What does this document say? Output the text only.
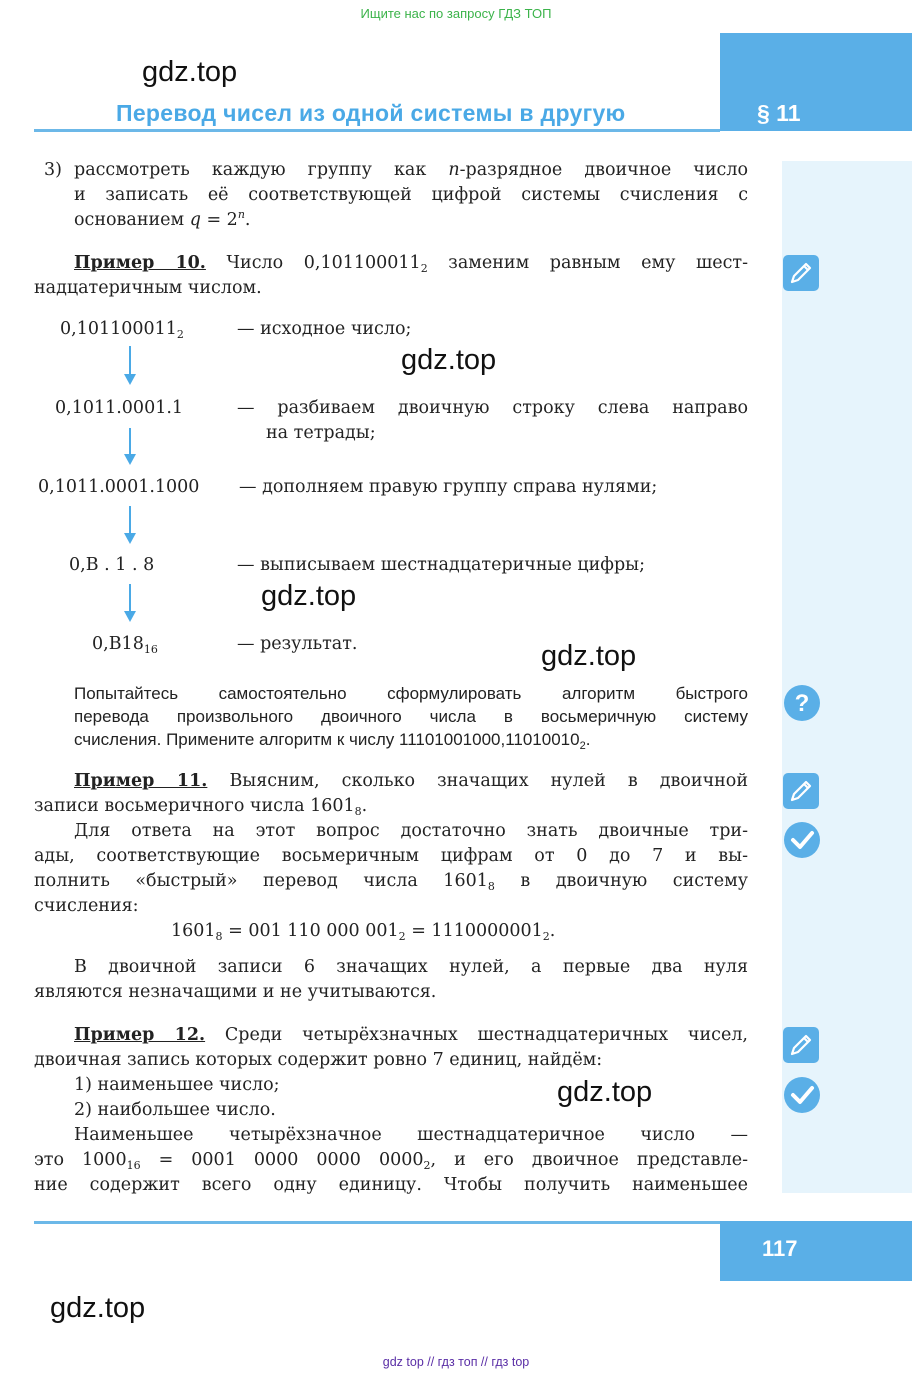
Ищите нас по запросу ГДЗ ТОП
gdz.top
Перевод чисел из одной системы в другую	§ 11
3) рассмотреть каждую группу как n-разрядное двоичное число
и записать её соответствующей цифрой системы счисления с
основанием $q = 2^n$.
Пример 10. Число $0,101100011_2$ заменим равным ему шест-
надцатеричным числом.
$0,101100011_2$	— исходное число;
gdz.top
0,1011.0001.1	— разбиваем двоичную строку слева направо
на тетрады;
0,1011.0001.1000 — дополняем правую группу справа нулями;
0,B . 1 . 8	— выписываем шестнадцатеричные цифры;
gdz.top
$0,B18_{16}$	— результат.	gdz.top
Попытайтесь самостоятельно сформулировать алгоритм быстрого
перевода произвольного двоичного числа в восьмеричную систему
счисления. Примените алгоритм к числу $11101001000,11010010_2$.
?
Пример 11. Выясним, сколько значащих нулей в двоичной
записи восьмеричного числа $1601_8$.
Для ответа на этот вопрос достаточно знать двоичные три-
ады, соответствующие восьмеричным цифрам от 0 до 7 и вы-
полнить «быстрый» перевод числа $1601_8$ в двоичную систему
счисления:
$1601_8 = 001$ 110 000 $001_2 = 1110000001_2$.
В двоичной записи 6 значащих нулей, а первые два нуля
являются незначащими и не учитываются.
Пример 12. Среди четырёхзначных шестнадцатеричных чисел,
двоичная запись которых содержит ровно 7 единиц, найдём:
1) наименьшее число;
2) наибольшее число.
gdz.top
Наименьшее четырёхзначное шестнадцатеричное число —
это $1000_{16} = 0001$ 0000 0000 $0000_2$, и его двоичное представле-
ние содержит всего одну единицу. Чтобы получить наименьшее
117
gdz.top
gdz top // гдз топ // гдз top
